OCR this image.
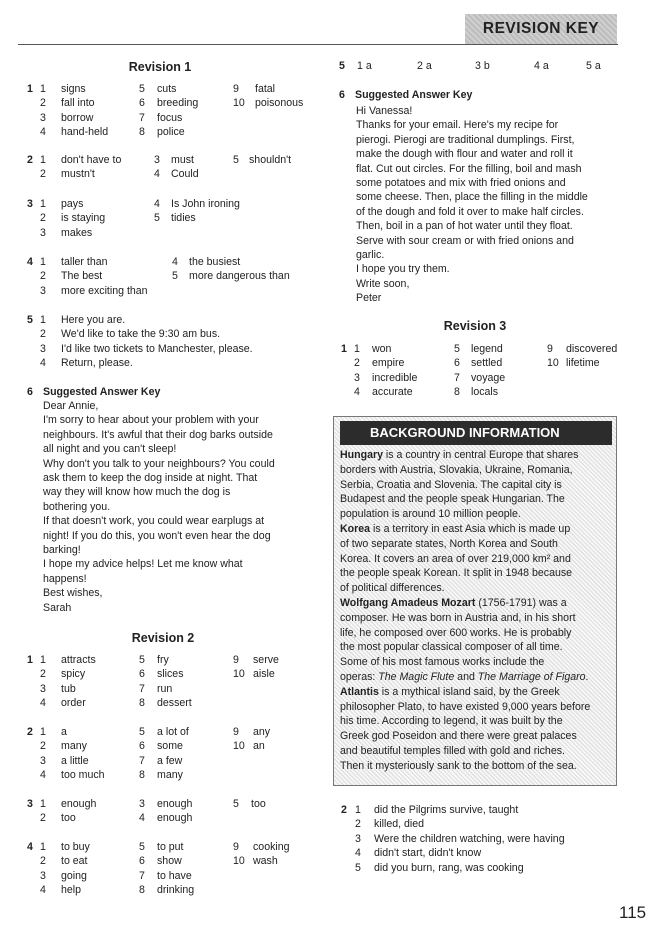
REVISION KEY
Revision 1
1 1 signs	5 cuts	9 fatal
2 fall into	6 breeding	10 poisonous
3 borrow	7 focus
4 hand-held	8 police
2 1 don't have to	3 must	5 shouldn't
2 mustn't	4 Could
3 1 pays	4 Is John ironing
2 is staying	5 tidies
3 makes
4 1 taller than	4 the busiest
2 The best	5 more dangerous than
3 more exciting than
5 1 Here you are.
2 We'd like to take the 9:30 am bus.
3 I'd like two tickets to Manchester, please.
4 Return, please.
6 Suggested Answer Key
Dear Annie,
I'm sorry to hear about your problem with your
neighbours. It's awful that their dog barks outside
all night and you can't sleep!
Why don't you talk to your neighbours? You could
ask them to keep the dog inside at night. That
way they will know how much the dog is
bothering you.
If that doesn't work, you could wear earplugs at
night! If you do this, you won't even hear the dog
barking!
I hope my advice helps! Let me know what
happens!
Best wishes,
Sarah
Revision 2
1 1 attracts	5 fry	9 serve
2 spicy	6 slices	10 aisle
3 tub	7 run
4 order	8 dessert
2 1 a	5 a lot of	9 any
2 many	6 some	10 an
3 a little	7 a few
4 too much	8 many
3 1 enough	3 enough	5 too
2 too	4 enough
4 1 to buy	5 to put	9 cooking
2 to eat	6 show	10 wash
3 going	7 to have
4 help	8 drinking
5 1 a	2 a	3 b	4 a	5 a
6 Suggested Answer Key
Hi Vanessa!
Thanks for your email. Here's my recipe for
pierogi. Pierogi are traditional dumplings. First,
make the dough with flour and water and roll it
flat. Cut out circles. For the filling, boil and mash
some potatoes and mix with fried onions and
some cheese. Then, place the filling in the middle
of the dough and fold it over to make half circles.
Then, boil in a pan of hot water until they float.
Serve with sour cream or with fried onions and
garlic.
I hope you try them.
Write soon,
Peter
Revision 3
1 1 won	5 legend	9 discovered
2 empire	6 settled	10 lifetime
3 incredible	7 voyage
4 accurate	8 locals
BACKGROUND INFORMATION
Hungary is a country in central Europe that shares
borders with Austria, Slovakia, Ukraine, Romania,
Serbia, Croatia and Slovenia. The capital city is
Budapest and the people speak Hungarian. The
population is around 10 million people.
Korea is a territory in east Asia which is made up
of two separate states, North Korea and South
Korea. It covers an area of over 219,000 km² and
the people speak Korean. It split in 1948 because
of political differences.
Wolfgang Amadeus Mozart (1756-1791) was a
composer. He was born in Austria and, in his short
life, he composed over 600 works. He is probably
the most popular classical composer of all time.
Some of his most famous works include the
operas: The Magic Flute and The Marriage of Figaro.
Atlantis is a mythical island said, by the Greek
philosopher Plato, to have existed 9,000 years before
his time. According to legend, it was built by the
Greek god Poseidon and there were great palaces
and beautiful temples filled with gold and riches.
Then it mysteriously sank to the bottom of the sea.
2 1 did the Pilgrims survive, taught
2 killed, died
3 Were the children watching, were having
4 didn't start, didn't know
5 did you burn, rang, was cooking
115
